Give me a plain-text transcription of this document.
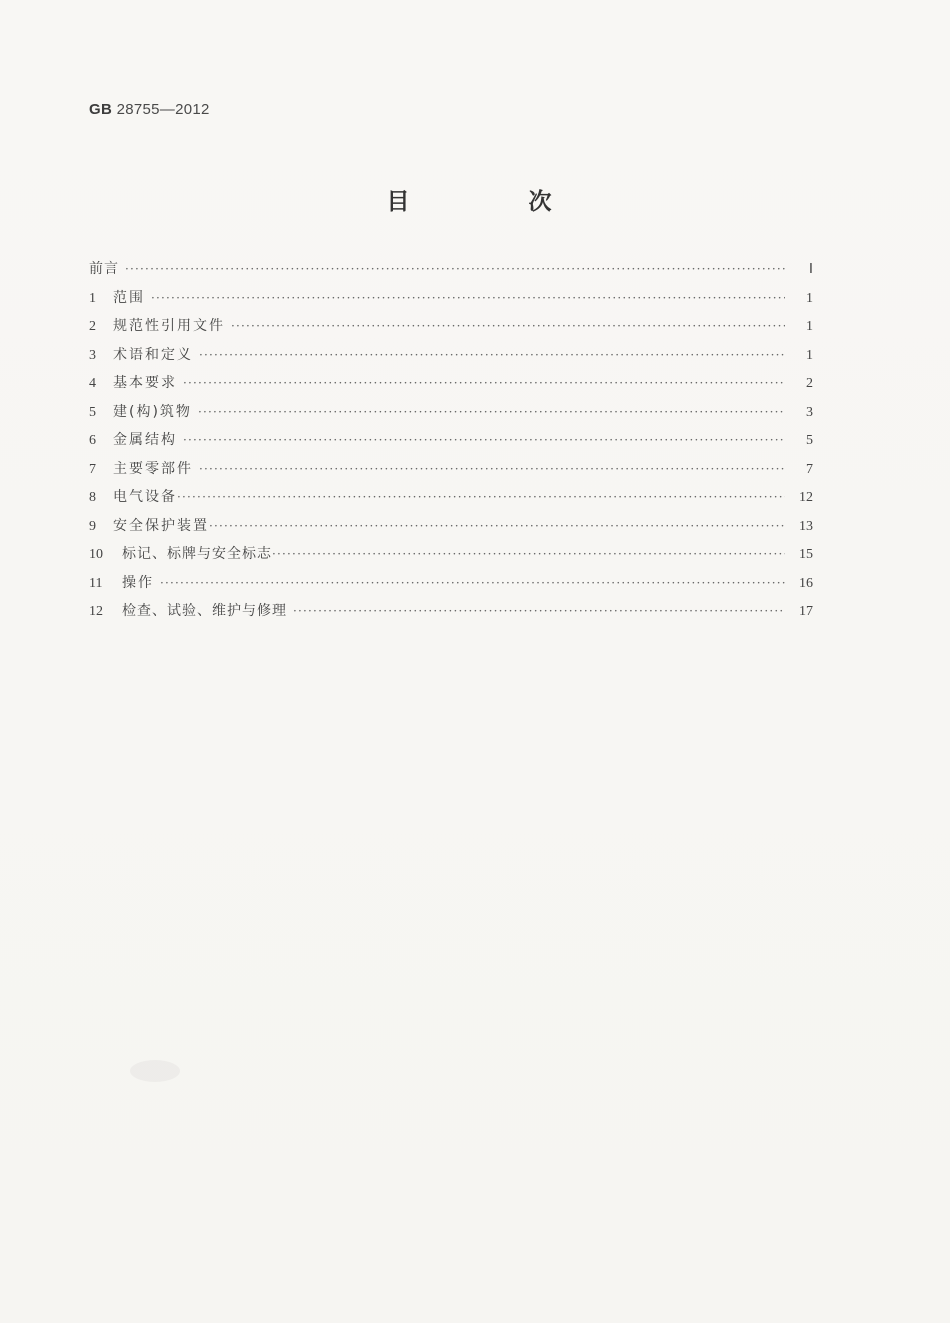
GB 28755—2012
目　次
前言 ·····	Ⅰ
1	范围 ·····	1
2	规范性引用文件 ·····	1
3	术语和定义 ·····	1
4	基本要求 ·····	2
5	建(构)筑物 ·····	3
6	金属结构 ·····	5
7	主要零部件 ·····	7
8	电气设备 ·····	12
9	安全保护装置 ·····	13
10	标记、标牌与安全标志 ·····	15
11	操作 ·····	16
12	检查、试验、维护与修理 ·····	17
